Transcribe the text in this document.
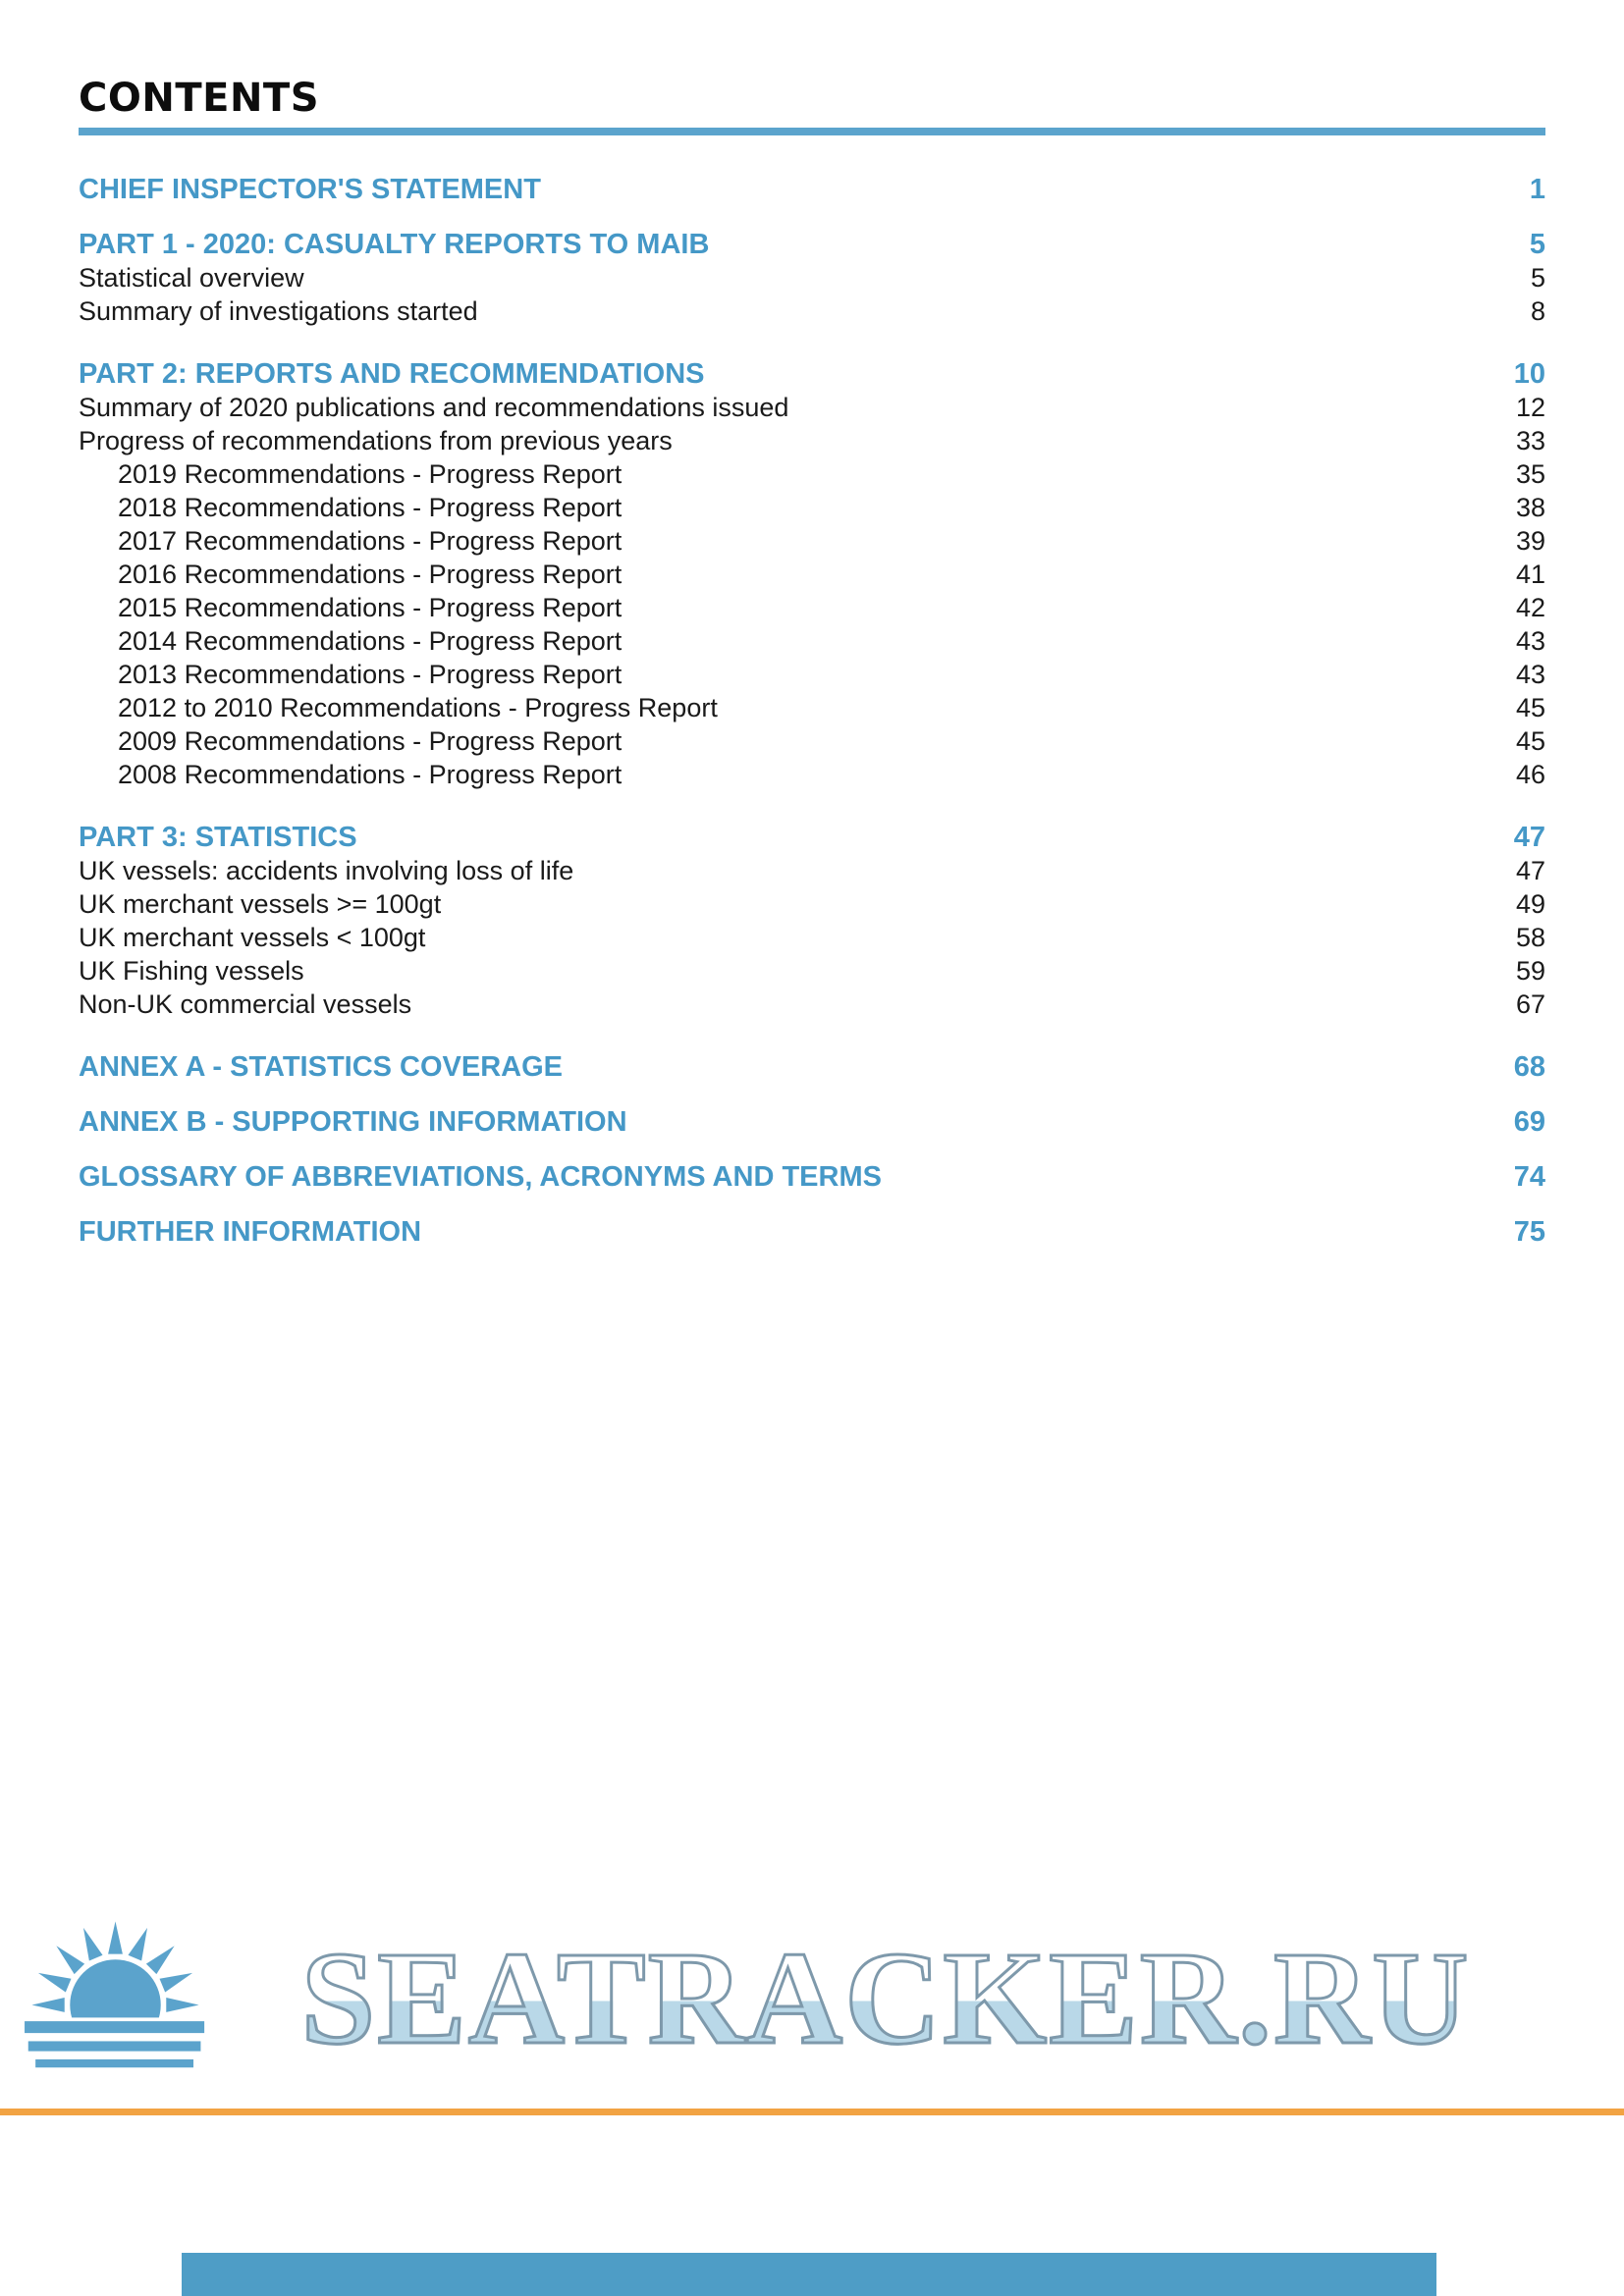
CONTENTS
CHIEF INSPECTOR'S STATEMENT	1
PART 1 - 2020: CASUALTY REPORTS TO MAIB	5
Statistical overview	5
Summary of investigations started	8
PART 2: REPORTS AND RECOMMENDATIONS	10
Summary of 2020 publications and recommendations issued	12
Progress of recommendations from previous years	33
2019 Recommendations - Progress Report	35
2018 Recommendations - Progress Report	38
2017 Recommendations - Progress Report	39
2016 Recommendations - Progress Report	41
2015 Recommendations - Progress Report	42
2014 Recommendations - Progress Report	43
2013 Recommendations - Progress Report	43
2012 to 2010 Recommendations - Progress Report	45
2009 Recommendations - Progress Report	45
2008 Recommendations - Progress Report	46
PART 3: STATISTICS	47
UK vessels: accidents involving loss of life	47
UK merchant vessels >= 100gt	49
UK merchant vessels < 100gt	58
UK Fishing vessels	59
Non-UK commercial vessels	67
ANNEX A - STATISTICS COVERAGE	68
ANNEX B - SUPPORTING INFORMATION	69
GLOSSARY OF ABBREVIATIONS, ACRONYMS AND TERMS	74
FURTHER INFORMATION	75
SEATRACKER.RU
